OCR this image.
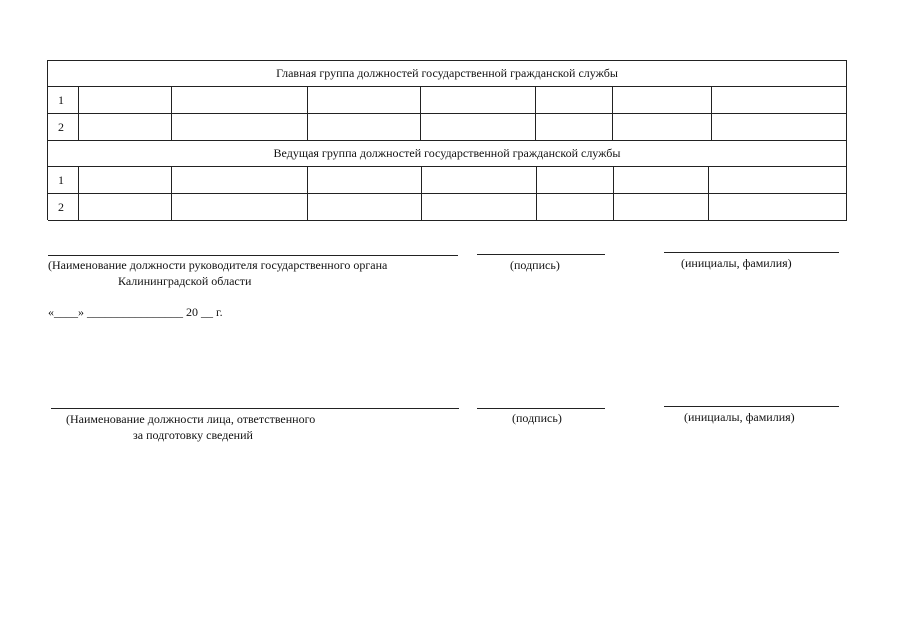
Главная группа должностей государственной гражданской службы
1
2
Ведущая группа должностей государственной гражданской службы
1
2
(Наименование должности руководителя государственного органа
Калининградской области
(подпись)	(инициалы, фамилия)
«____» ________________ 20 __ г.
(Наименование должности лица, ответственного
за подготовку сведений
(подпись)	(инициалы, фамилия)
